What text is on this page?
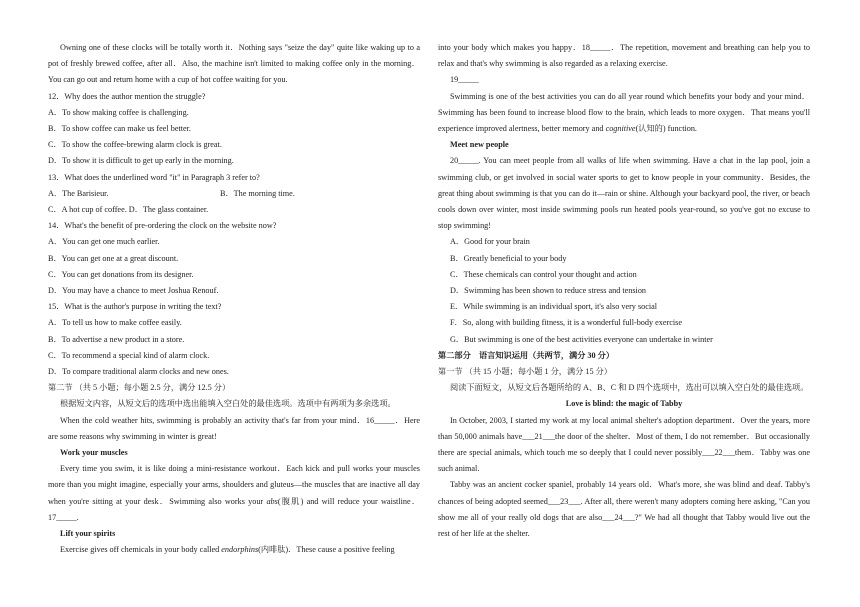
Owning one of these clocks will be totally worth it．Nothing says "seize the day" quite like waking up to a pot of freshly brewed coffee, after all．Also, the machine isn't limited to making coffee only in the morning．You can go out and return home with a cup of hot coffee waiting for you.

12．Why does the author mention the struggle?

A．To show making coffee is challenging.

B．To show coffee can make us feel better.

C．To show the coffee-brewing alarm clock is great.

D．To show it is difficult to get up early in the morning.

13．What does the underlined word "it" in Paragraph 3 refer to?

A．The Barisieur.	B．The morning time.

C．A hot cup of coffee. D．The glass container.

14．What's the benefit of pre-ordering the clock on the website now?

A．You can get one much earlier.

B．You can get one at a great discount.

C．You can get donations from its designer.

D．You may have a chance to meet Joshua Renouf.

15．What is the author's purpose in writing the text?

A．To tell us how to make coffee easily.

B．To advertise a new product in a store.

C．To recommend a special kind of alarm clock.

D．To compare traditional alarm clocks and new ones.

第二节 （共 5 小题；每小题 2.5 分，满分 12.5 分）

根据短文内容，从短文后的选项中选出能填入空白处的最佳选项。选项中有两项为多余选项。

When the cold weather hits, swimming is probably an activity that's far from your mind．16_____．Here are some reasons why swimming in winter is great!

Work your muscles

Every time you swim, it is like doing a mini-resistance workout．Each kick and pull works your muscles more than you might imagine, especially your arms, shoulders and gluteus—the muscles that are inactive all day when you're sitting at your desk．Swimming also works your abs(腹肌) and will reduce your waistline．17_____.

Lift your spirits

Exercise gives off chemicals in your body called endorphins(内啡肽)．These cause a positive feeling

into your body which makes you happy．18_____．The repetition, movement and breathing can help you to relax and that's why swimming is also regarded as a relaxing exercise.

19_____

Swimming is one of the best activities you can do all year round which benefits your body and your mind．Swimming has been found to increase blood flow to the brain, which leads to more oxygen．That means you'll experience improved alertness, better memory and cognitive(认知的) function.

Meet new people

20_____. You can meet people from all walks of life when swimming. Have a chat in the lap pool, join a swimming club, or get involved in social water sports to get to know people in your community．Besides, the great thing about swimming is that you can do it—rain or shine. Although your backyard pool, the river, or beach cools down over winter, most inside swimming pools run heated pools year-round, so you've got no excuse to stop swimming!

A．Good for your brain

B．Greatly beneficial to your body

C．These chemicals can control your thought and action

D．Swimming has been shown to reduce stress and tension

E．While swimming is an individual sport, it's also very social

F．So, along with building fitness, it is a wonderful full-body exercise

G．But swimming is one of the best activities everyone can undertake in winter

第二部分　语言知识运用（共两节，满分 30 分）

第一节 （共 15 小题；每小题 1 分，满分 15 分）

阅读下面短文，从短文后各题所给的 A、B、C 和 D 四个选项中，选出可以填入空白处的最佳选项。

Love is blind: the magic of Tabby

In October, 2003, I started my work at my local animal shelter's adoption department．Over the years, more than 50,000 animals have___21___the door of the shelter．Most of them, I do not remember．But occasionally there are special animals, which touch me so deeply that I could never possibly___22___them．Tabby was one such animal.

Tabby was an ancient cocker spaniel, probably 14 years old．What's more, she was blind and deaf. Tabby's chances of being adopted seemed___23___. After all, there weren't many adopters coming here asking, "Can you show me all of your really old dogs that are also___24___?" We had all thought that Tabby would live out the rest of her life at the shelter.
